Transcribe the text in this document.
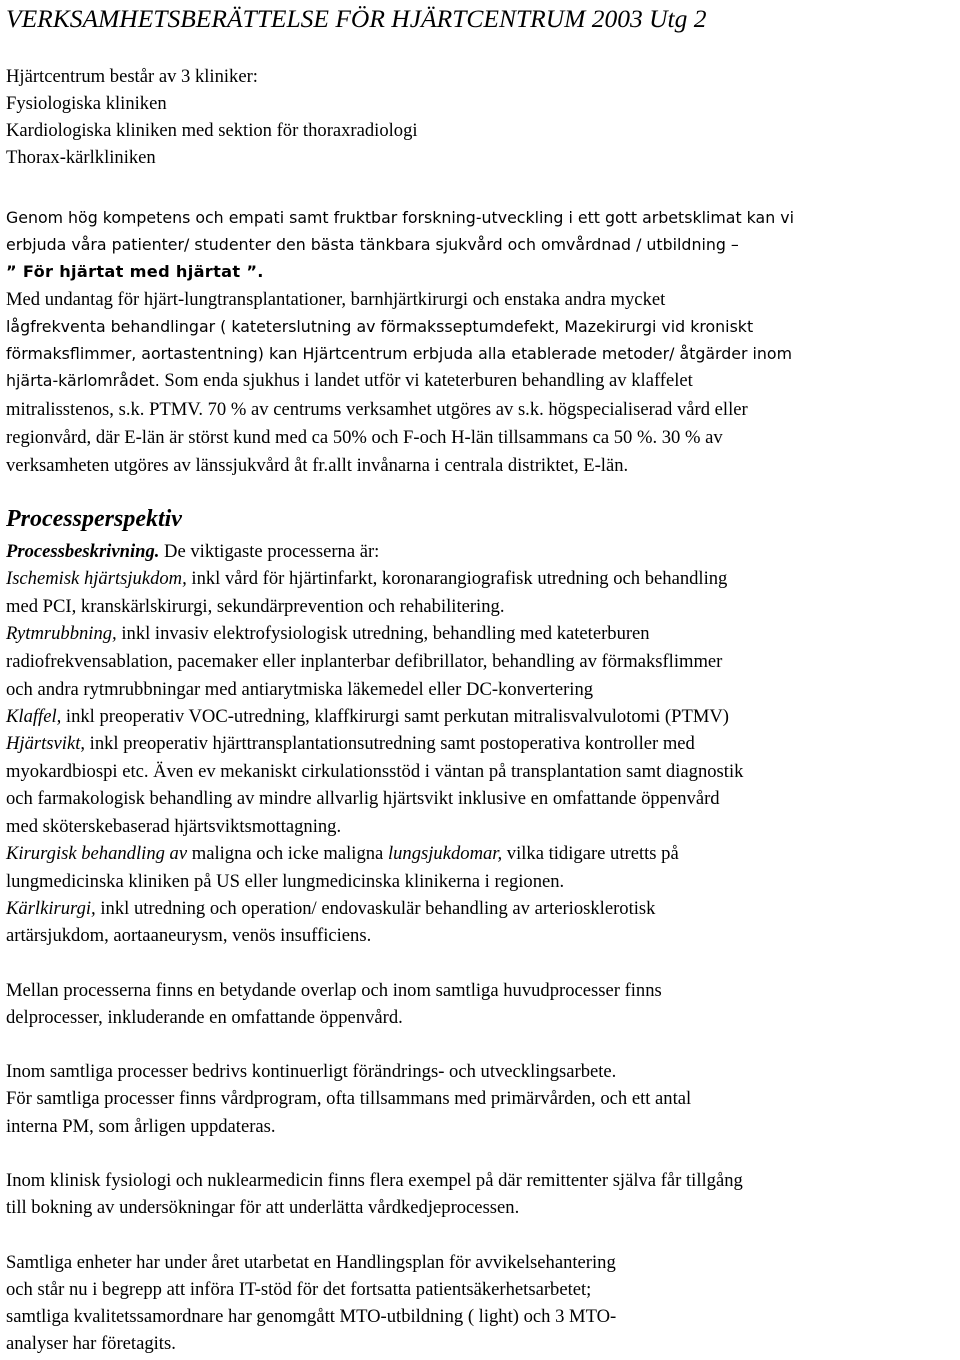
VERKSAMHETSBERÄTTELSE FÖR HJÄRTCENTRUM 2003 Utg 2
Hjärtcentrum består av 3 kliniker:
Fysiologiska kliniken
Kardiologiska kliniken med sektion för thoraxradiologi
Thorax-kärlkliniken
Genom hög kompetens och empati samt fruktbar forskning-utveckling i ett gott arbetsklimat kan vi
erbjuda våra patienter/ studenter den bästa tänkbara sjukvård och omvårdnad / utbildning –
” För hjärtat med hjärtat ”.
Med undantag för hjärt-lungtransplantationer, barnhjärtkirurgi och enstaka andra mycket
lågfrekventa behandlingar ( kateterslutning av förmaksseptumdefekt, Mazekirurgi vid kroniskt
förmaksflimmer, aortastentning) kan Hjärtcentrum erbjuda alla etablerade metoder/ åtgärder inom
hjärta-kärlområdet. Som enda sjukhus i landet utför vi kateterburen behandling av klaffelet
mitralisstenos, s.k. PTMV. 70 % av centrums verksamhet utgöres av s.k. högspecialiserad vård eller
regionvård, där E-län är störst kund med ca 50% och F-och H-län tillsammans ca 50 %. 30 % av
verksamheten utgöres av länssjukvård åt fr.allt invånarna i centrala distriktet, E-län.
Processperspektiv
Processbeskrivning. De viktigaste processerna är:
Ischemisk hjärtsjukdom, inkl vård för hjärtinfarkt, koronarangiografisk utredning och behandling
med PCI, kranskärlskirurgi, sekundärprevention och rehabilitering.
Rytmrubbning, inkl invasiv elektrofysiologisk utredning, behandling med kateterburen
radiofrekvensablation, pacemaker eller inplanterbar defibrillator, behandling av förmaksflimmer
och andra rytmrubbningar med antiarytmiska läkemedel eller DC-konvertering
Klaffel, inkl preoperativ VOC-utredning, klaffkirurgi samt perkutan mitralisvalvulotomi (PTMV)
Hjärtsvikt, inkl preoperativ hjärttransplantationsutredning samt postoperativa kontroller med
myokardbiospi etc. Även ev mekaniskt cirkulationsstöd i väntan på transplantation samt diagnostik
och farmakologisk behandling av mindre allvarlig hjärtsvikt inklusive en omfattande öppenvård
med sköterskebaserad hjärtsviktsmottagning.
Kirurgisk behandling av maligna och icke maligna lungsjukdomar, vilka tidigare utretts på
lungmedicinska kliniken på US eller lungmedicinska klinikerna i regionen.
Kärlkirurgi, inkl utredning och operation/ endovaskulär behandling av arteriosklerotisk
artärsjukdom, aortaaneurysm, venös insufficiens.
Mellan processerna finns en betydande overlap och inom samtliga huvudprocesser finns
delprocesser, inkluderande en omfattande öppenvård.
Inom samtliga processer bedrivs kontinuerligt förändrings- och utvecklingsarbete.
För samtliga processer finns vårdprogram, ofta tillsammans med primärvården, och ett antal
interna PM, som årligen uppdateras.
Inom klinisk fysiologi och nuklearmedicin finns flera exempel på där remittenter själva får tillgång
till bokning av undersökningar för att underlätta vårdkedjeprocessen.
Samtliga enheter har under året utarbetat en Handlingsplan för avvikelsehantering
och står nu i begrepp att införa IT-stöd för det fortsatta patientsäkerhetsarbetet;
samtliga kvalitetssamordnare har genomgått MTO-utbildning ( light) och 3 MTO-
analyser har företagits.
